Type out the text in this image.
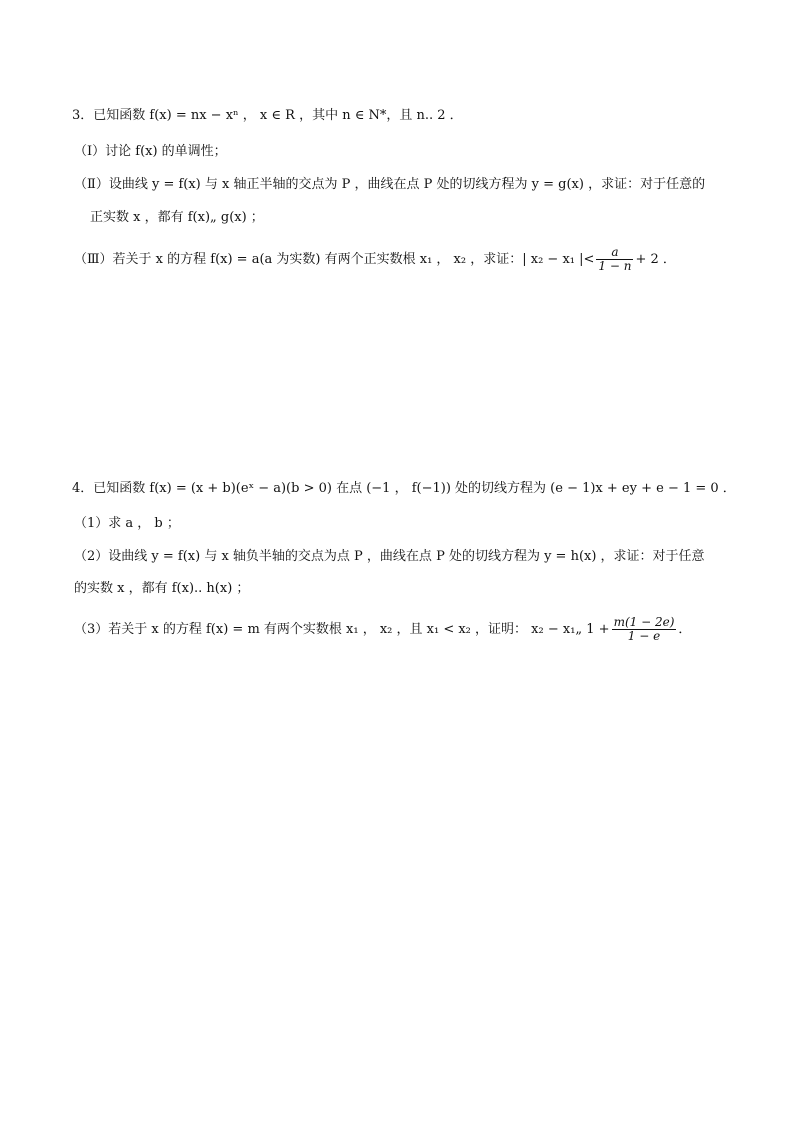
3．已知函数 f(x) = nx − xⁿ ， x ∈ R ，其中 n ∈ N*，且 n.. 2 ．
（Ⅰ）讨论 f(x) 的单调性；
（Ⅱ）设曲线 y = f(x) 与 x 轴正半轴的交点为 P ，曲线在点 P 处的切线方程为 y = g(x) ，求证：对于任意的
正实数 x ，都有 f(x)„ g(x) ；
（Ⅲ）若关于 x 的方程 f(x) = a(a 为实数) 有两个正实数根 x₁ ， x₂ ，求证：| x₂ − x₁ |< $\frac{a}{1 - n} + 2$ ．
4．已知函数 f(x) = (x + b)(eˣ − a)(b > 0) 在点 (−1 ， f(−1)) 处的切线方程为 (e − 1)x + ey + e − 1 = 0 ．
（1）求 a ， b ；
（2）设曲线 y = f(x) 与 x 轴负半轴的交点为点 P ，曲线在点 P 处的切线方程为 y = h(x) ，求证：对于任意
的实数 x ，都有 f(x).. h(x) ；
（3）若关于 x 的方程 f(x) = m 有两个实数根 x₁ ， x₂ ，且 x₁ < x₂ ，证明： x₂ − x₁„ $1 + \frac{m(1 - 2e)}{1 - e}$ ．
